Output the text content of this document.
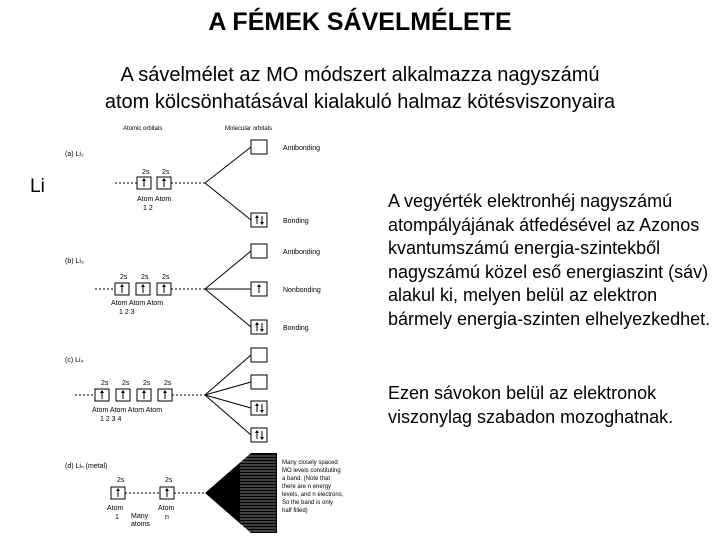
A FÉMEK SÁVELMÉLETE
A sávelmélet az MO módszert alkalmazza nagyszámú
atom kölcsönhatásával kialakuló halmaz kötésviszonyaira
Li
A vegyérték elektronhéj nagyszámú atompályájának átfedésével az Azonos kvantumszámú energia-szintekből nagyszámú közel eső energiaszint (sáv) alakul ki, melyen belül az elektron bármely energia-szinten elhelyezkedhet.
Ezen sávokon belül az elektronok viszonylag szabadon mozoghatnak.
Atomic orbitals	Molecular orbitals
(a) Li₂
2s 2s
Atom Atom
1 2
Antibonding
Bonding
(b) Li₃
2s 2s 2s
Atom Atom Atom
1 2 3
Antibonding
Nonbonding
Bonding
(c) Li₄
2s 2s 2s 2s
Atom Atom Atom Atom
1 2 3 4
(d) Liₙ (metal)
2s	2s
Atom
1 Many
atoms
Atom
n
Many closely spaced
MO levels constituting
a band. (Note that
there are n energy
levels, and n electrons,
So the band is only
half filled)
